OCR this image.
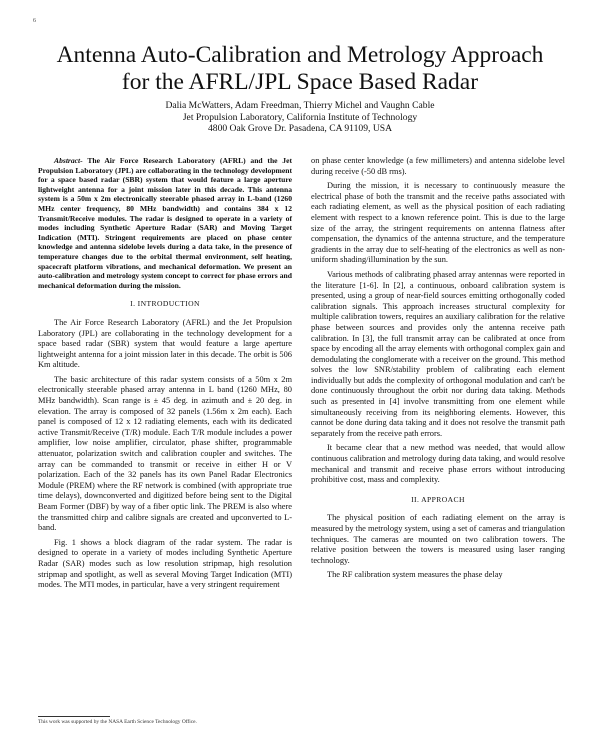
6
Antenna Auto-Calibration and Metrology Approach for the AFRL/JPL Space Based Radar
Dalia McWatters, Adam Freedman, Thierry Michel and Vaughn Cable
Jet Propulsion Laboratory, California Institute of Technology
4800 Oak Grove Dr. Pasadena, CA 91109, USA

Abstract- The Air Force Research Laboratory (AFRL) and the Jet Propulsion Laboratory (JPL) are collaborating in the technology development for a space based radar (SBR) system that would feature a large aperture lightweight antenna for a joint mission later in this decade. This antenna system is a 50m x 2m electronically steerable phased array in L-band (1260 MHz center frequency, 80 MHz bandwidth) and contains 384 x 12 Transmit/Receive modules. The radar is designed to operate in a variety of modes including Synthetic Aperture Radar (SAR) and Moving Target Indication (MTI). Stringent requirements are placed on phase center knowledge and antenna sidelobe levels during a data take, in the presence of temperature changes due to the orbital thermal environment, self heating, spacecraft platform vibrations, and mechanical deformation. We present an auto-calibration and metrology system concept to correct for phase errors and mechanical deformation during the mission.

I. INTRODUCTION

The Air Force Research Laboratory (AFRL) and the Jet Propulsion Laboratory (JPL) are collaborating in the technology development for a space based radar (SBR) system that would feature a large aperture lightweight antenna for a joint mission later in this decade. The orbit is 506 Km altitude.

The basic architecture of this radar system consists of a 50m x 2m electronically steerable phased array antenna in L band (1260 MHz, 80 MHz bandwidth). Scan range is ± 45 deg. in azimuth and ± 20 deg. in elevation. The array is composed of 32 panels (1.56m x 2m each). Each panel is composed of 12 x 12 radiating elements, each with its dedicated active Transmit/Receive (T/R) module. Each T/R module includes a power amplifier, low noise amplifier, circulator, phase shifter, programmable attenuator, polarization switch and calibration coupler and switches. The array can be commanded to transmit or receive in either H or V polarization. Each of the 32 panels has its own Panel Radar Electronics Module (PREM) where the RF network is combined (with appropriate true time delays), downconverted and digitized before being sent to the Digital Beam Former (DBF) by way of a fiber optic link. The PREM is also where the transmitted chirp and calibre signals are created and upconverted to L-band.

Fig. 1 shows a block diagram of the radar system. The radar is designed to operate in a variety of modes including Synthetic Aperture Radar (SAR) modes such as low resolution stripmap, high resolution stripmap and spotlight, as well as several Moving Target Indication (MTI) modes. The MTI modes, in particular, have a very stringent requirement

on phase center knowledge (a few millimeters) and antenna sidelobe level during receive (-50 dB rms).

During the mission, it is necessary to continuously measure the electrical phase of both the transmit and the receive paths associated with each radiating element, as well as the physical position of each radiating element with respect to a known reference point. This is due to the large size of the array, the stringent requirements on antenna flatness after compensation, the dynamics of the antenna structure, and the temperature gradients in the array due to self-heating of the electronics as well as non-uniform shading/illumination by the sun.

Various methods of calibrating phased array antennas were reported in the literature [1-6]. In [2], a continuous, onboard calibration system is presented, using a group of near-field sources emitting orthogonally coded calibration signals. This approach increases structural complexity for multiple calibration towers, requires an auxiliary calibration for the relative phase between sources and provides only the antenna receive path calibration. In [3], the full transmit array can be calibrated at once from space by encoding all the array elements with orthogonal complex gain and demodulating the conglomerate with a receiver on the ground. This method solves the low SNR/stability problem of calibrating each element individually but adds the complexity of orthogonal modulation and can't be done continuously throughout the orbit nor during data taking. Methods such as presented in [4] involve transmitting from one element while simultaneously receiving from its neighboring elements. However, this cannot be done during data taking and it does not resolve the transmit path separately from the receive path errors.

It became clear that a new method was needed, that would allow continuous calibration and metrology during data taking, and would resolve mechanical and transmit and receive phase errors without introducing prohibitive cost, mass and complexity.

II. APPROACH

The physical position of each radiating element on the array is measured by the metrology system, using a set of cameras and triangulation techniques. The cameras are mounted on two calibration towers. The relative position between the towers is measured using laser ranging technology.

The RF calibration system measures the phase delay

This work was supported by the NASA Earth Science Technology Office.
